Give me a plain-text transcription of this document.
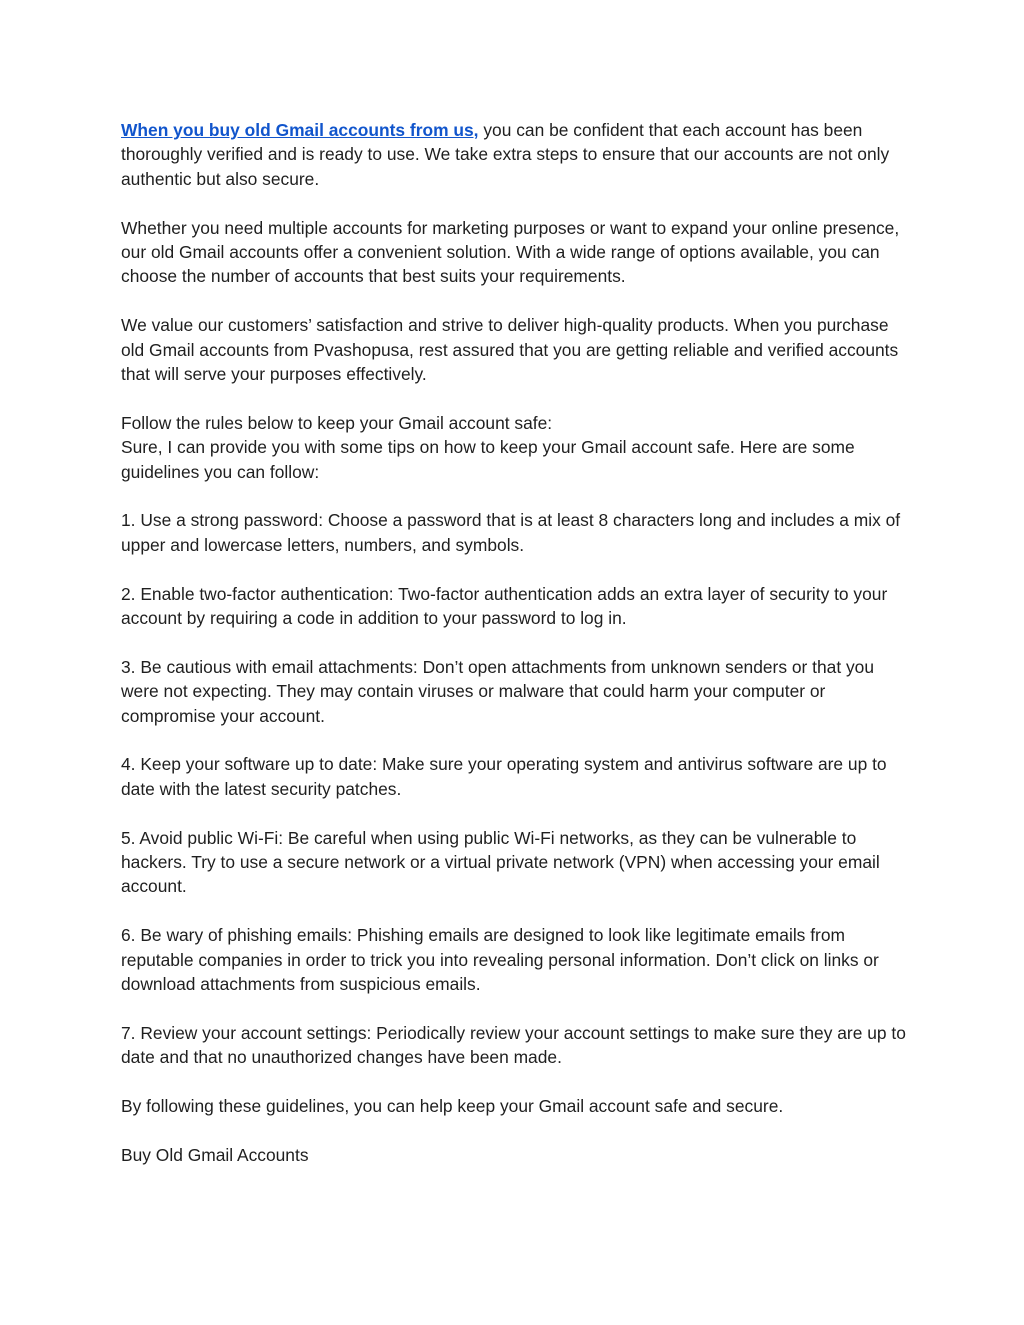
When you buy old Gmail accounts from us, you can be confident that each account has been thoroughly verified and is ready to use. We take extra steps to ensure that our accounts are not only authentic but also secure.

Whether you need multiple accounts for marketing purposes or want to expand your online presence, our old Gmail accounts offer a convenient solution. With a wide range of options available, you can choose the number of accounts that best suits your requirements.

We value our customers’ satisfaction and strive to deliver high-quality products. When you purchase old Gmail accounts from Pvashopusa, rest assured that you are getting reliable and verified accounts that will serve your purposes effectively.

Follow the rules below to keep your Gmail account safe:

Sure, I can provide you with some tips on how to keep your Gmail account safe. Here are some guidelines you can follow:

1. Use a strong password: Choose a password that is at least 8 characters long and includes a mix of upper and lowercase letters, numbers, and symbols.

2. Enable two-factor authentication: Two-factor authentication adds an extra layer of security to your account by requiring a code in addition to your password to log in.

3. Be cautious with email attachments: Don’t open attachments from unknown senders or that you were not expecting. They may contain viruses or malware that could harm your computer or compromise your account.

4. Keep your software up to date: Make sure your operating system and antivirus software are up to date with the latest security patches.

5. Avoid public Wi-Fi: Be careful when using public Wi-Fi networks, as they can be vulnerable to hackers. Try to use a secure network or a virtual private network (VPN) when accessing your email account.

6. Be wary of phishing emails: Phishing emails are designed to look like legitimate emails from reputable companies in order to trick you into revealing personal information. Don’t click on links or download attachments from suspicious emails.

7. Review your account settings: Periodically review your account settings to make sure they are up to date and that no unauthorized changes have been made.

By following these guidelines, you can help keep your Gmail account safe and secure.

Buy Old Gmail Accounts
